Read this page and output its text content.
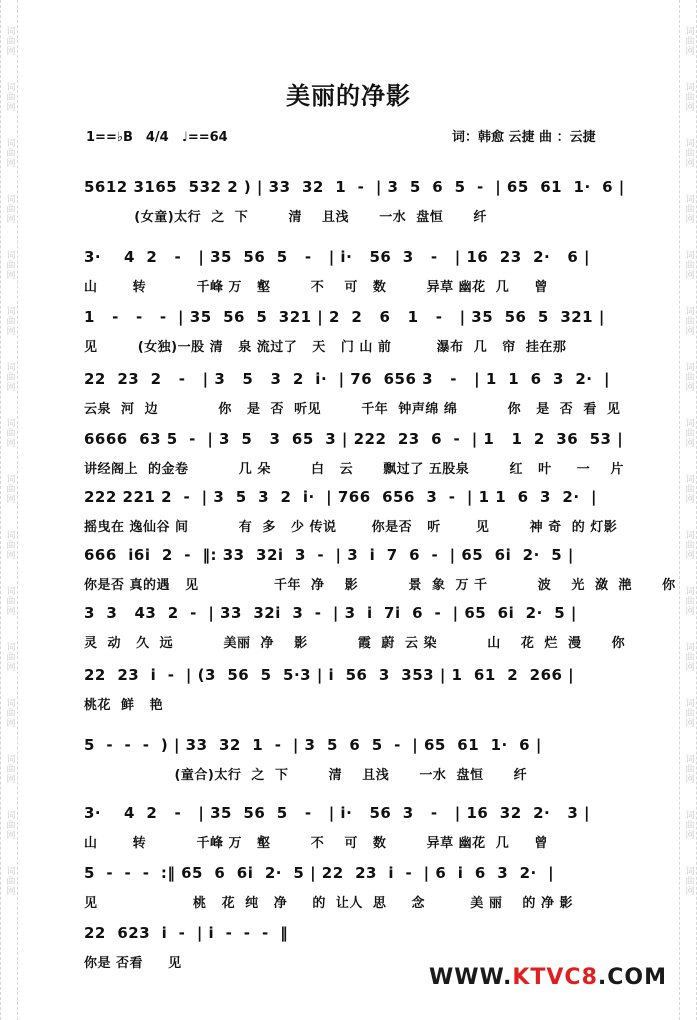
词曲网
词曲网
词曲网
词曲网
词曲网
词曲网
词曲网
词曲网
词曲网
词曲网
词曲网
词曲网
词曲网
词曲网
词曲网
词曲网
词曲网
词曲网
词曲网
词曲网
词曲网
词曲网
词曲网
词曲网
词曲网
词曲网
词曲网
词曲网
词曲网
词曲网
词曲网
词曲网
美丽的净影
1==♭B　4/4　♩==64	词：韩愈 云捷 曲 ：云捷
5612 3165  532 2 ) | 33  32  1  -  | 3  5  6  5  -  | 65  61  1·  6 |
(女童)太行  之  下        清    且浅      一水  盘恒      纤
3·    4  2   -   | 35  56  5   -   | i·   56  3   -   | 16  23  2·   6 |
山       转          千峰 万   壑        不    可   数        异草 幽花  几     曾
1   -   -   -  | 35  56  5  321 | 2  2   6   1   -   | 35  56  5  321 |
见        (女独)一股 清   泉 流过了   天   门 山 前         瀑布  几   帘  挂在那
22  23  2   -   | 3   5   3  2  i·  | 76  656 3   -   | 1  1  6  3  2·  |
云泉  河  边            你   是  否  听见        千年  钟声绵 绵          你   是  否  看  见
6666  63 5  -  | 3  5   3  65  3 | 222  23  6  -  | 1   1  2  36  53 |
讲经阁上  的金卷          几 朵        白   云      飘过了 五股泉        红   叶     一    片
222 221 2  -  | 3  5  3  2  i·  | 766  656  3  -  | 1 1  6  3  2·  |
摇曳在 逸仙谷 间          有  多   少 传说       你是否   听       见        神 奇  的 灯影
666  i6i  2  -  ‖: 33  32i  3  -  | 3  i  7  6  -  | 65  6i  2·  5 |
你是否 真的遇   见               千年  净    影          景  象  万 千          波    光  潋  滟      你
3  3   43  2  -  | 33  32i  3  -  | 3  i  7i  6  -  | 65  6i  2·  5 |
灵  动   久  远          美丽  净    影          霞  蔚  云 染          山    花  烂  漫      你
22  23  i  -  | (3  56  5  5·3 | i  56  3  353 | 1  61  2  266 |
桃花  鲜   艳
5  -  -  -  ) | 33  32  1  -  | 3  5  6  5  -  | 65  61  1·  6 |
(童合)太行  之  下        清    且浅      一水  盘恒      纤
3·    4  2   -   | 35  56  5   -   | i·   56  3   -   | 16  32  2·   3 |
山       转          千峰 万   壑        不    可   数        异草 幽花  几     曾
5  -  -  -  :‖ 65  6  6i  2·  5 | 22  23  i  -  | 6  i  6  3  2·  |
见                   桃   花  纯   净     的  让人  思     念         美 丽    的 净 影
22  623  i  -  | i  -  -  -  ‖
你是 否看     见
WWW.KTVC8.COM
